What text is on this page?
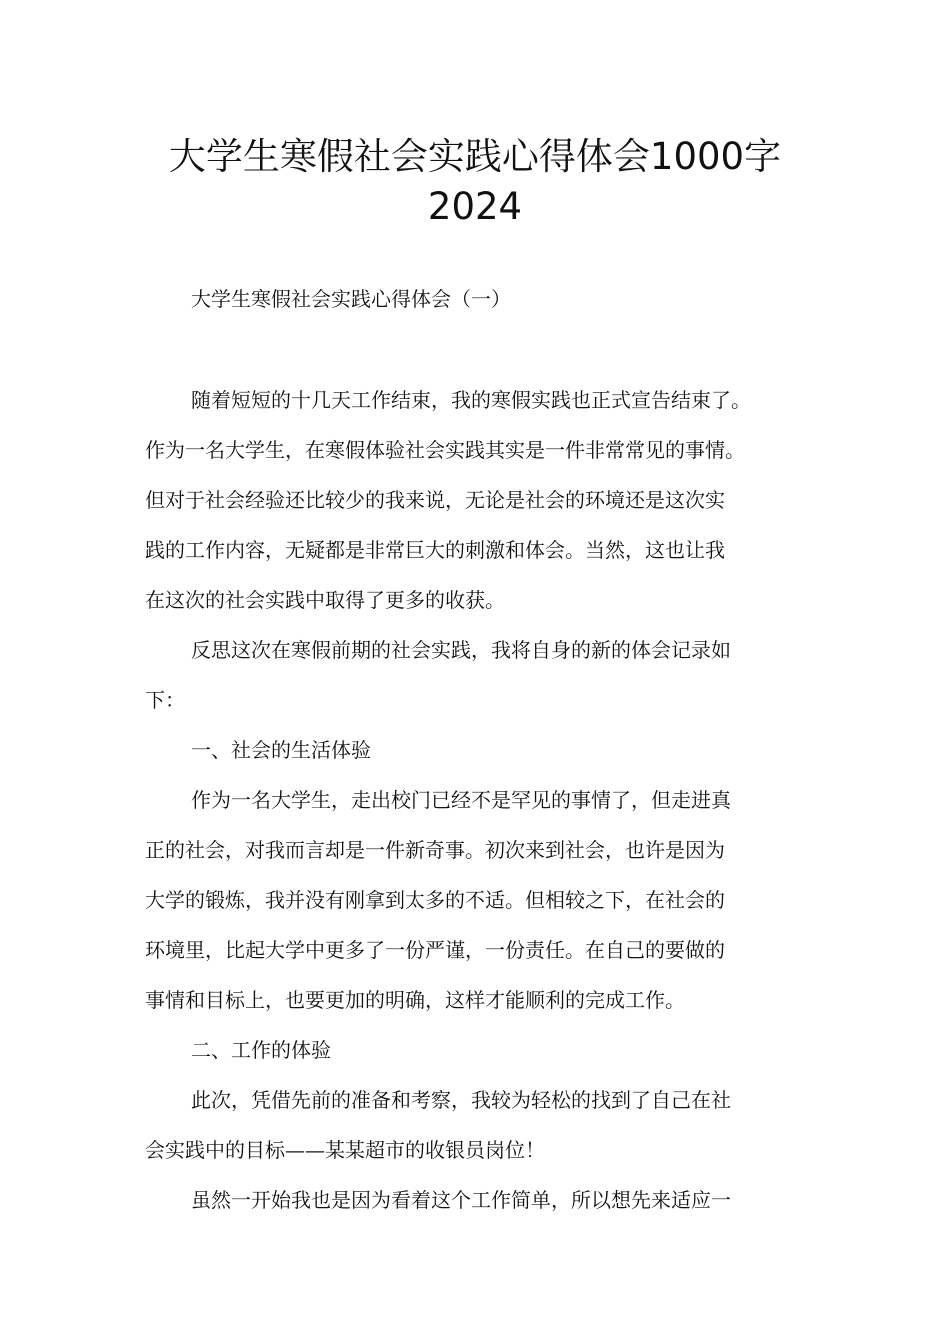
大学生寒假社会实践心得体会1000字
2024
大学生寒假社会实践心得体会（一）
随着短短的十几天工作结束，我的寒假实践也正式宣告结束了。
作为一名大学生，在寒假体验社会实践其实是一件非常常见的事情。
但对于社会经验还比较少的我来说，无论是社会的环境还是这次实
践的工作内容，无疑都是非常巨大的刺激和体会。当然，这也让我
在这次的社会实践中取得了更多的收获。
反思这次在寒假前期的社会实践，我将自身的新的体会记录如
下：
一、社会的生活体验
作为一名大学生，走出校门已经不是罕见的事情了，但走进真
正的社会，对我而言却是一件新奇事。初次来到社会，也许是因为
大学的锻炼，我并没有刚拿到太多的不适。但相较之下，在社会的
环境里，比起大学中更多了一份严谨，一份责任。在自己的要做的
事情和目标上，也要更加的明确，这样才能顺利的完成工作。
二、工作的体验
此次，凭借先前的准备和考察，我较为轻松的找到了自己在社
会实践中的目标——某某超市的收银员岗位！
虽然一开始我也是因为看着这个工作简单，所以想先来适应一
